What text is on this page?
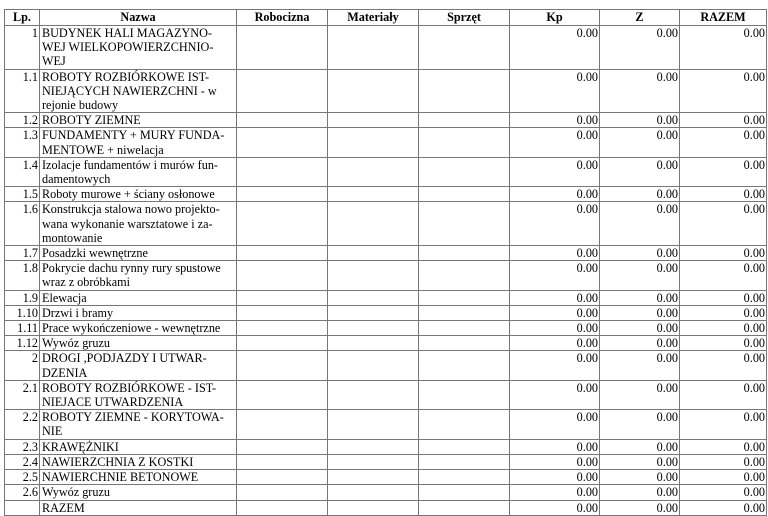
Lp.	Nazwa	Robocizna	Materiały	Sprzęt	Kp	Z	RAZEM
1	BUDYNEK HALI MAGAZYNO-
WEJ WIELKOPOWIERZCHNIO-
WEJ				0.00	0.00	0.00
1.1	ROBOTY ROZBIÓRKOWE IST-
NIEJĄCYCH NAWIERZCHNI - w
rejonie budowy				0.00	0.00	0.00
1.2	ROBOTY ZIEMNE				0.00	0.00	0.00
1.3	FUNDAMENTY + MURY FUNDA-
MENTOWE + niwelacja				0.00	0.00	0.00
1.4	Izolacje fundamentów i murów fun-
damentowych				0.00	0.00	0.00
1.5	Roboty murowe + ściany osłonowe				0.00	0.00	0.00
1.6	Konstrukcja stalowa nowo projekto-
wana wykonanie warsztatowe i za-
montowanie				0.00	0.00	0.00
1.7	Posadzki wewnętrzne				0.00	0.00	0.00
1.8	Pokrycie dachu rynny rury spustowe
wraz z obróbkami				0.00	0.00	0.00
1.9	Elewacja				0.00	0.00	0.00
1.10	Drzwi i bramy				0.00	0.00	0.00
1.11	Prace wykończeniowe - wewnętrzne				0.00	0.00	0.00
1.12	Wywóz gruzu				0.00	0.00	0.00
2	DROGI ,PODJAZDY I UTWAR-
DZENIA				0.00	0.00	0.00
2.1	ROBOTY ROZBIÓRKOWE - IST-
NIEJACE UTWARDZENIA				0.00	0.00	0.00
2.2	ROBOTY ZIEMNE - KORYTOWA-
NIE				0.00	0.00	0.00
2.3	KRAWĘŻNIKI				0.00	0.00	0.00
2.4	NAWIERZCHNIA Z KOSTKI				0.00	0.00	0.00
2.5	NAWIERCHNIE BETONOWE				0.00	0.00	0.00
2.6	Wywóz gruzu				0.00	0.00	0.00

	RAZEM				0.00	0.00	0.00
